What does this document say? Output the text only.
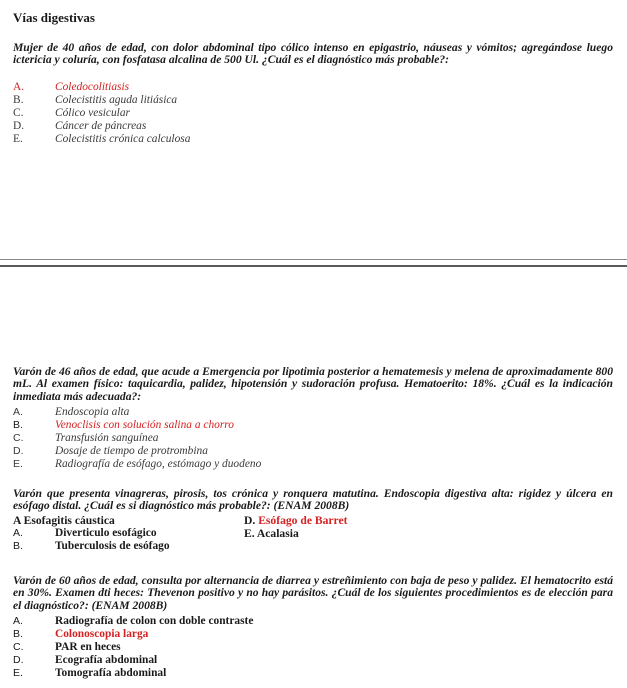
Vías digestivas
Mujer de 40 años de edad, con dolor abdominal tipo cólico intenso en epigastrio, náuseas y vómitos; agregándose luego ictericia y coluría, con fosfatasa alcalina de 500 Ul. ¿Cuál es el diagnóstico más probable?:
A.	Coledocolitiasis
B.	Colecistitis aguda litiásica
C.	Cólico vesicular
D.	Cáncer de páncreas
E.	Colecistitis crónica calculosa
Varón de 46 años de edad, que acude a Emergencia por lipotimia posterior a hematemesis y melena de aproximadamente 800 mL. Al examen físico: taquicardia, palidez, hipotensión y sudoración profusa. Hematoerito: 18%. ¿Cuál es la indicación inmediata más adecuada?:
A.	Endoscopia alta
B.	Venoclisis con solución salina a chorro
C.	Transfusión sanguínea
D.	Dosaje de tiempo de protrombina
E.	Radiografía de esófago, estómago y duodeno
Varón que presenta vinagreras, pirosis, tos crónica y ronquera matutina. Endoscopia digestiva alta: rigidez y úlcera en esófago distal. ¿Cuál es si diagnóstico más probable?: (ENAM 2008B)
A Esofagitis cáustica	D. Esófago de Barret
A.	Diverticulo esofágico	E. Acalasia
B.	Tuberculosis de esófago
Varón de 60 años de edad, consulta por alternancia de diarrea y estreñimiento con baja de peso y palidez. El hematocrito está en 30%. Examen dti heces: Thevenon positivo y no hay parásitos. ¿Cuál de los siguientes procedimientos es de elección para el diagnóstico?: (ENAM 2008B)
A.	Radiografía de colon con doble contraste
B.	Colonoscopia larga
C.	PAR en heces
D.	Ecografía abdominal
E.	Tomografía abdominal
